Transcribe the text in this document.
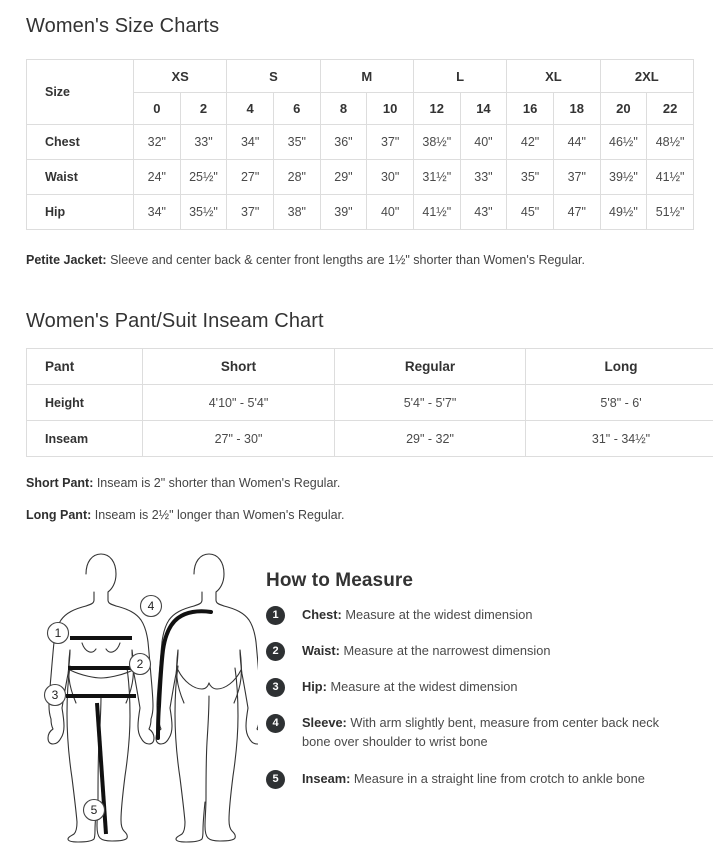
Women's Size Charts
Size	XS		S		M		L		XL		2XL	
	0	2	4	6	8	10	12	14	16	18	20	22
Chest	32"	33"	34"	35"	36"	37"	38½"	40"	42"	44"	46½"	48½"
Waist	24"	25½"	27"	28"	29"	30"	31½"	33"	35"	37"	39½"	41½"
Hip	34"	35½"	37"	38"	39"	40"	41½"	43"	45"	47"	49½"	51½"
Petite Jacket: Sleeve and center back & center front lengths are 1½" shorter than Women's Regular.
Women's Pant/Suit Inseam Chart
Pant	Short	Regular	Long
Height	4'10" - 5'4"	5'4" - 5'7"	5'8" - 6'
Inseam	27" - 30"	29" - 32"	31" - 34½"
Short Pant: Inseam is 2" shorter than Women's Regular.
Long Pant: Inseam is 2½" longer than Women's Regular.
1
2
3
5
4
How to Measure
1	Chest: Measure at the widest dimension
2	Waist: Measure at the narrowest dimension
3	Hip: Measure at the widest dimension
4	Sleeve: With arm slightly bent, measure from center back neck bone over shoulder to wrist bone
5	Inseam: Measure in a straight line from crotch to ankle bone
